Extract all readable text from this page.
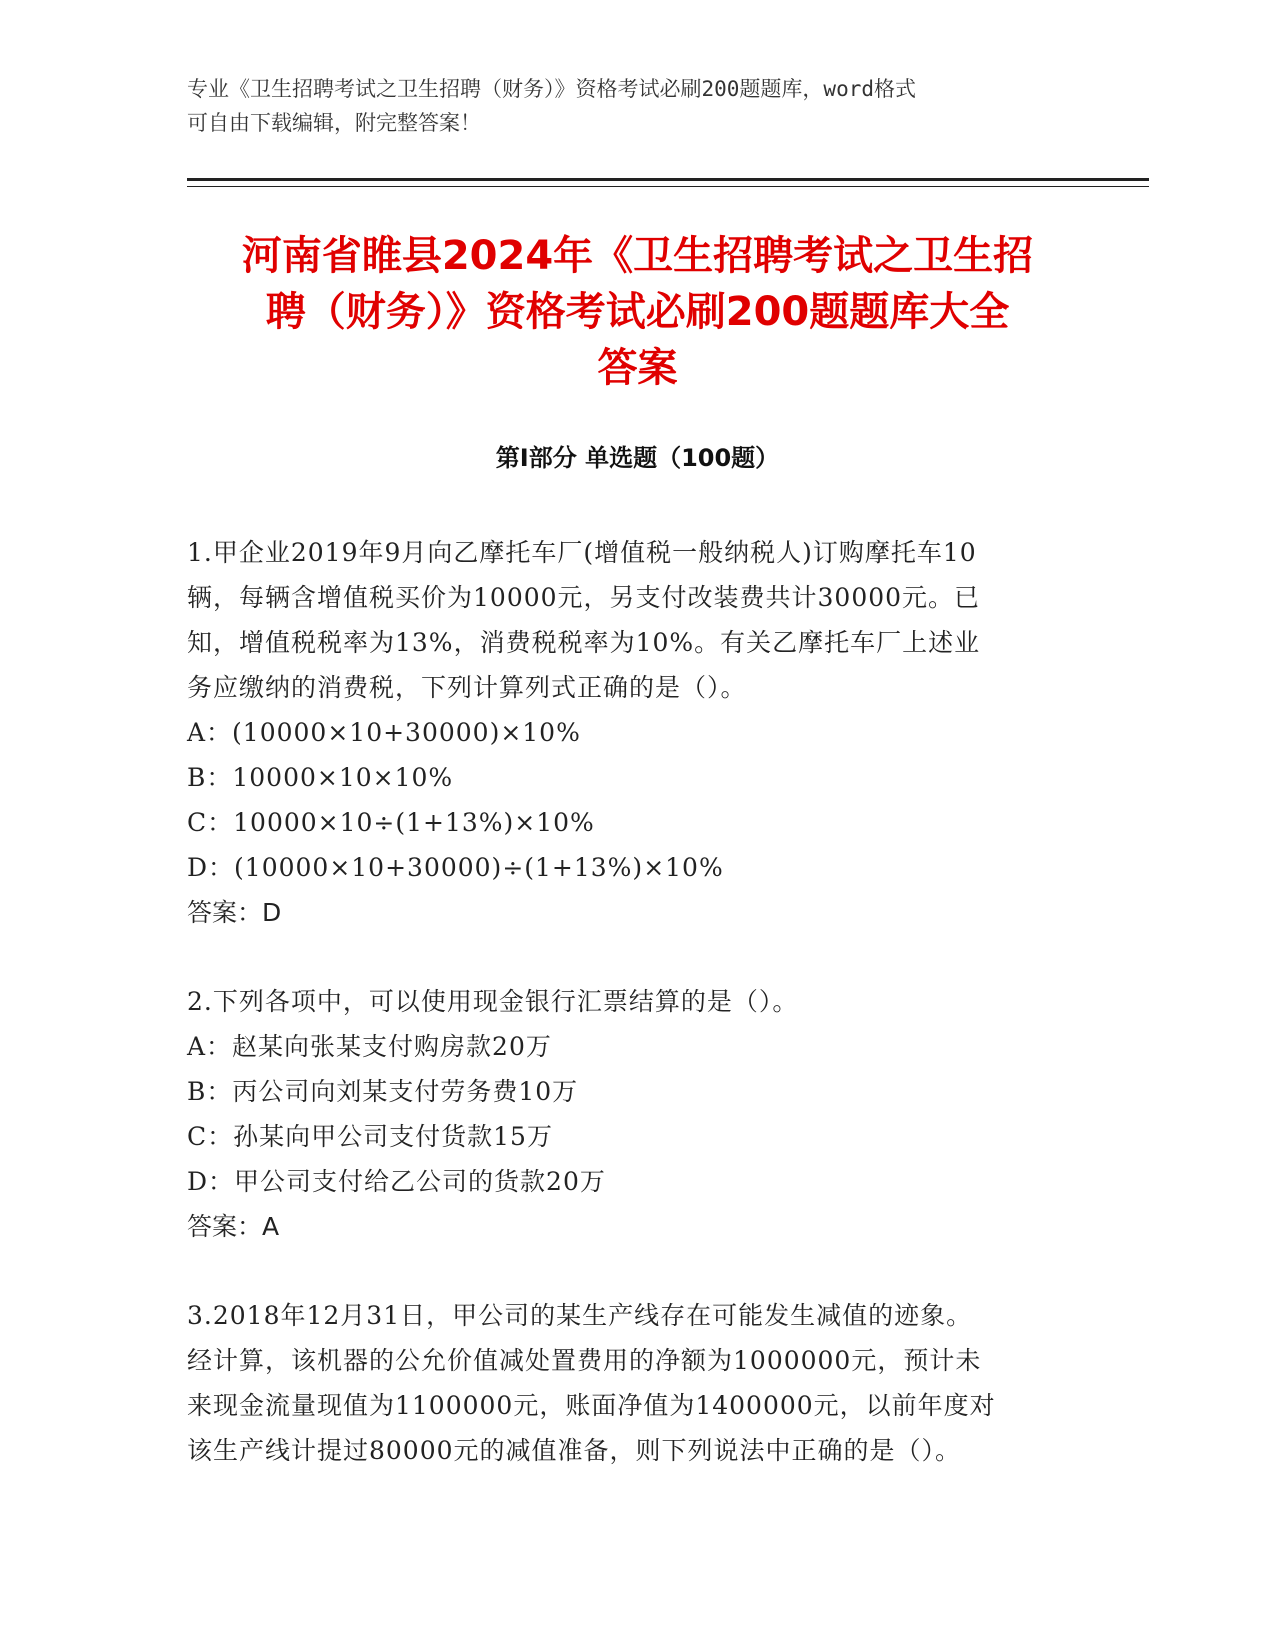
专业《卫生招聘考试之卫生招聘（财务）》资格考试必刷200题题库，word格式
可自由下载编辑，附完整答案！
河南省睢县2024年《卫生招聘考试之卫生招
聘（财务）》资格考试必刷200题题库大全
答案
第Ⅰ部分 单选题（100题）

1.甲企业2019年9月向乙摩托车厂(增值税一般纳税人)订购摩托车10

辆，每辆含增值税买价为10000元，另支付改装费共计30000元。已

知，增值税税率为13%，消费税税率为10%。有关乙摩托车厂上述业

务应缴纳的消费税，下列计算列式正确的是（）。

A：(10000×10+30000)×10%

B：10000×10×10%

C：10000×10÷(1+13%)×10%

D：(10000×10+30000)÷(1+13%)×10%

答案：D

2.下列各项中，可以使用现金银行汇票结算的是（）。

A：赵某向张某支付购房款20万

B：丙公司向刘某支付劳务费10万

C：孙某向甲公司支付货款15万

D：甲公司支付给乙公司的货款20万

答案：A

3.2018年12月31日，甲公司的某生产线存在可能发生减值的迹象。

经计算，该机器的公允价值减处置费用的净额为1000000元，预计未

来现金流量现值为1100000元，账面净值为1400000元，以前年度对

该生产线计提过80000元的减值准备，则下列说法中正确的是（）。
